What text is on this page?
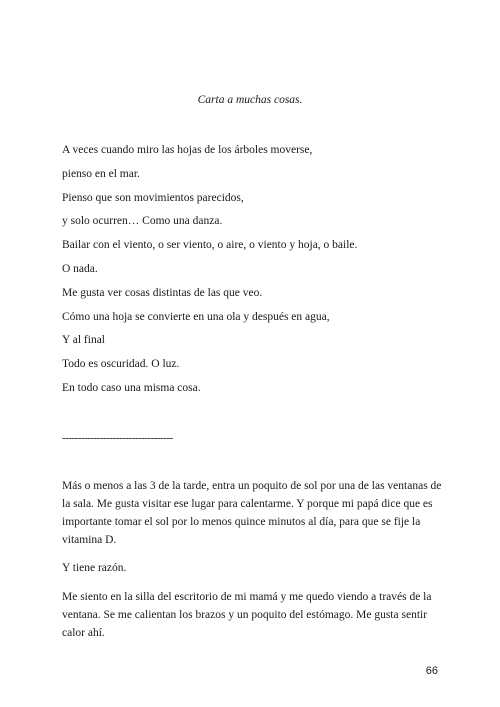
Carta a muchas cosas.
A veces cuando miro las hojas de los árboles moverse,
pienso en el mar.
Pienso que son movimientos parecidos,
y solo ocurren… Como una danza.
Bailar con el viento, o ser viento, o aire, o viento y hoja, o baile.
O nada.
Me gusta ver cosas distintas de las que veo.
Cómo una hoja se convierte en una ola y después en agua,
Y al final
Todo es oscuridad. O luz.
En todo caso una misma cosa.
-----------------------------------

Más o menos a las 3 de la tarde, entra un poquito de sol por una de las ventanas de la sala. Me gusta visitar ese lugar para calentarme. Y porque mi papá dice que es importante tomar el sol por lo menos quince minutos al día, para que se fije la vitamina D.

Y tiene razón.

Me siento en la silla del escritorio de mi mamá y me quedo viendo a través de la ventana. Se me calientan los brazos y un poquito del estómago. Me gusta sentir calor ahí.

66
